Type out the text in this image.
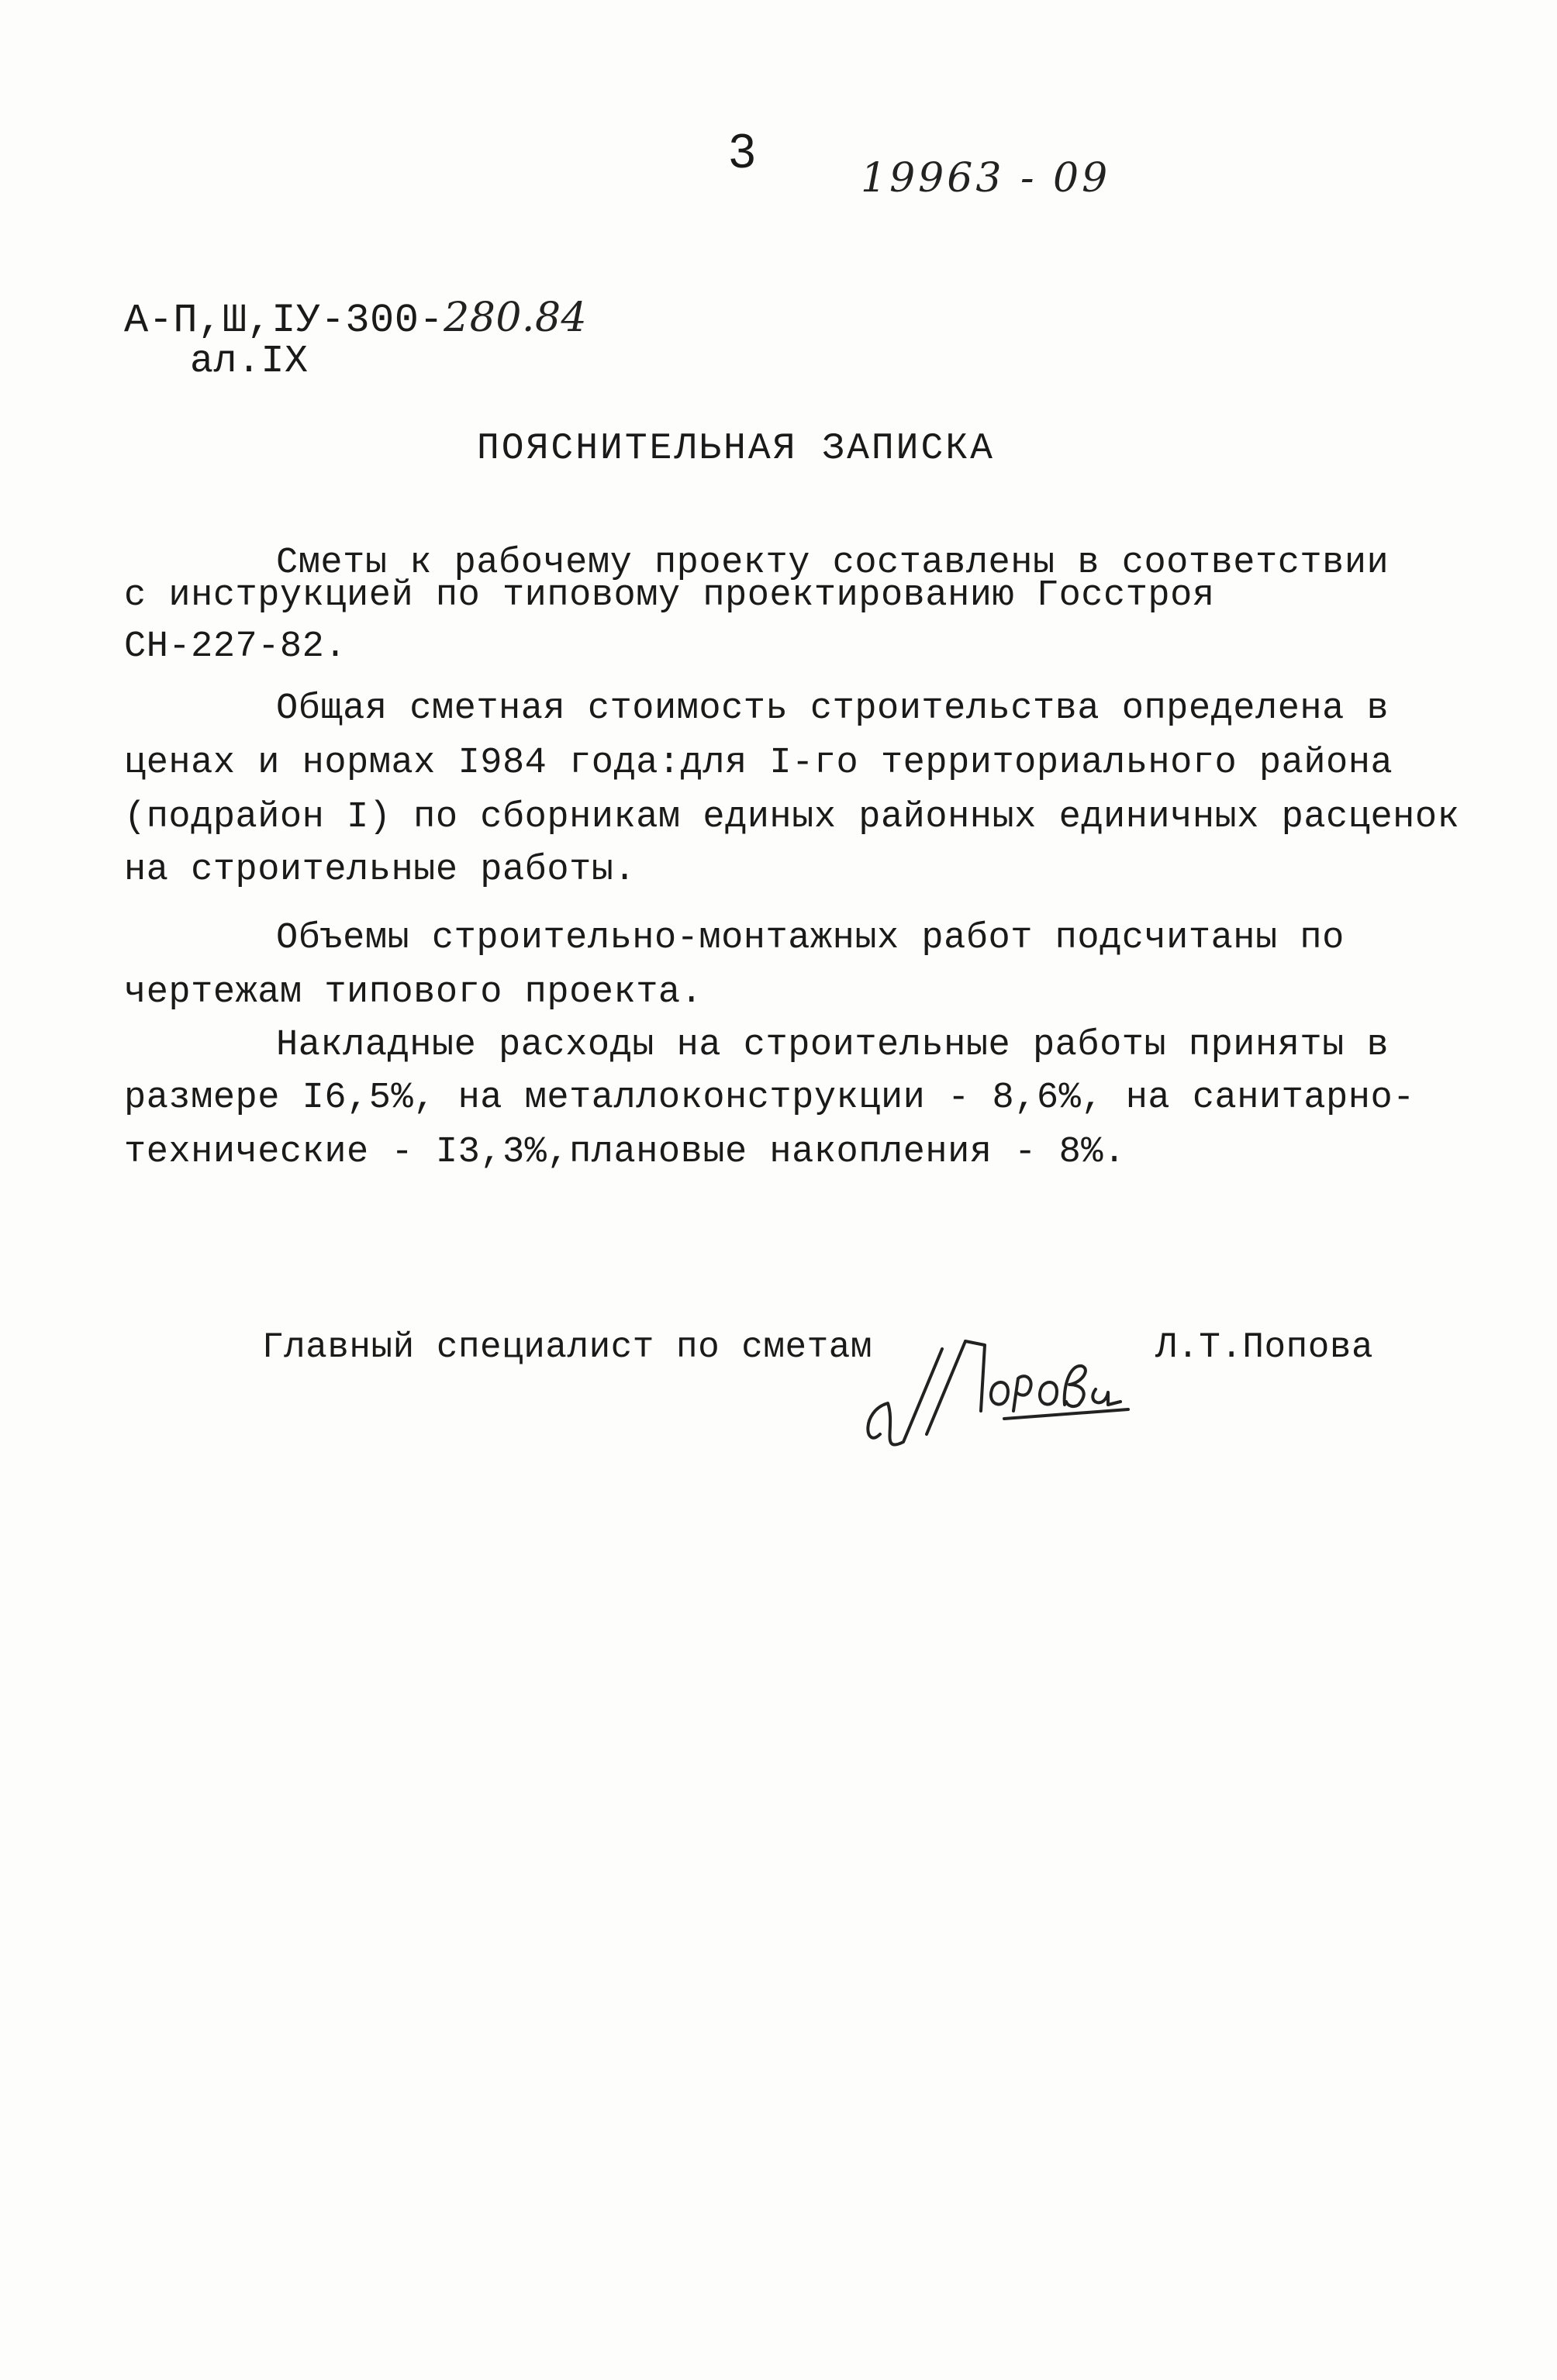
3	19963 - 09
А-П,Ш,IУ-300-280.84
ал.IX
ПОЯСНИТЕЛЬНАЯ ЗАПИСКА
Сметы к рабочему проекту составлены в соответствии
с инструкцией по типовому проектированию Госстроя
СН-227-82.
Общая сметная стоимость строительства определена в
ценах и нормах I984 года:для I-го территориального района
(подрайон I) по сборникам единых районных единичных расценок
на строительные работы.
Объемы строительно-монтажных работ подсчитаны по
чертежам типового проекта.
Накладные расходы на строительные работы приняты в
размере I6,5%, на металлоконструкции - 8,6%, на санитарно-
технические - I3,3%,плановые накопления - 8%.
Главный специалист по сметам	Л.Т.Попова
